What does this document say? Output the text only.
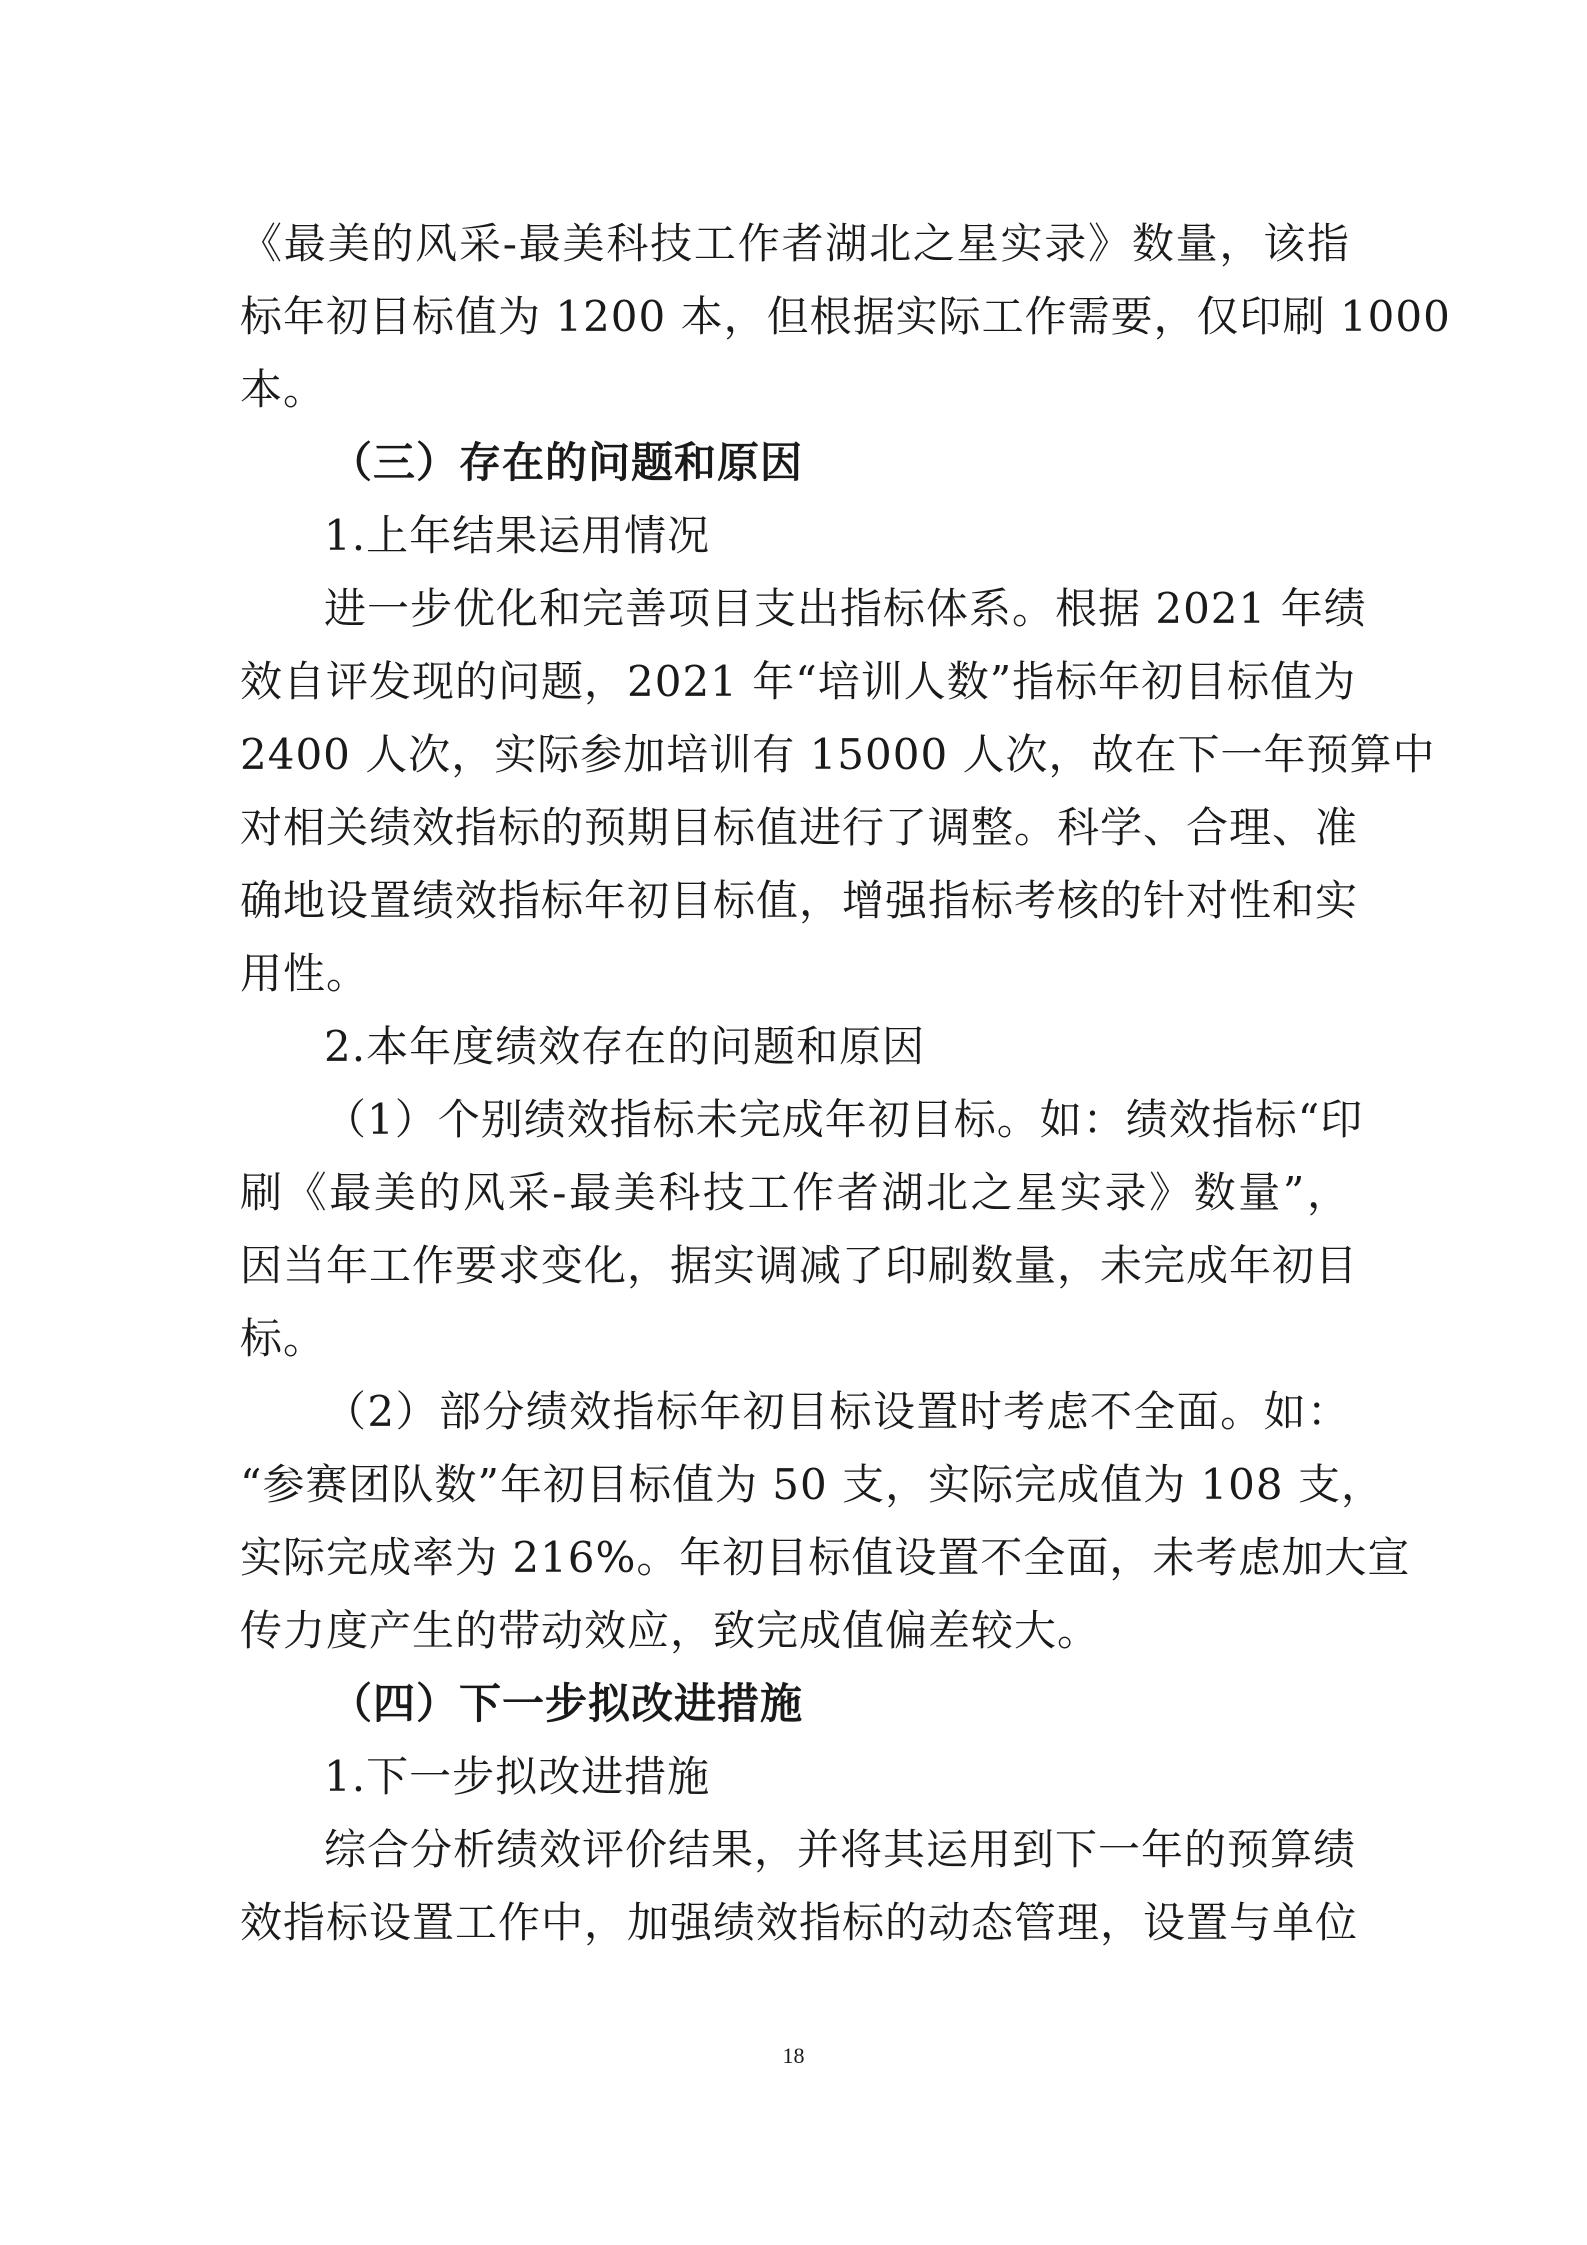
《最美的风采-最美科技工作者湖北之星实录》数量，该指
标年初目标值为 1200 本，但根据实际工作需要，仅印刷 1000
本。
（三）存在的问题和原因
1.上年结果运用情况
进一步优化和完善项目支出指标体系。根据 2021 年绩
效自评发现的问题，2021 年“培训人数”指标年初目标值为
2400 人次，实际参加培训有 15000 人次，故在下一年预算中
对相关绩效指标的预期目标值进行了调整。科学、合理、准
确地设置绩效指标年初目标值，增强指标考核的针对性和实
用性。
2.本年度绩效存在的问题和原因
（1）个别绩效指标未完成年初目标。如：绩效指标“印
刷《最美的风采-最美科技工作者湖北之星实录》数量”，
因当年工作要求变化，据实调减了印刷数量，未完成年初目
标。
（2）部分绩效指标年初目标设置时考虑不全面。如：
“参赛团队数”年初目标值为 50 支，实际完成值为 108 支，
实际完成率为 216%。年初目标值设置不全面，未考虑加大宣
传力度产生的带动效应，致完成值偏差较大。
（四）下一步拟改进措施
1.下一步拟改进措施
综合分析绩效评价结果，并将其运用到下一年的预算绩
效指标设置工作中，加强绩效指标的动态管理，设置与单位
18
